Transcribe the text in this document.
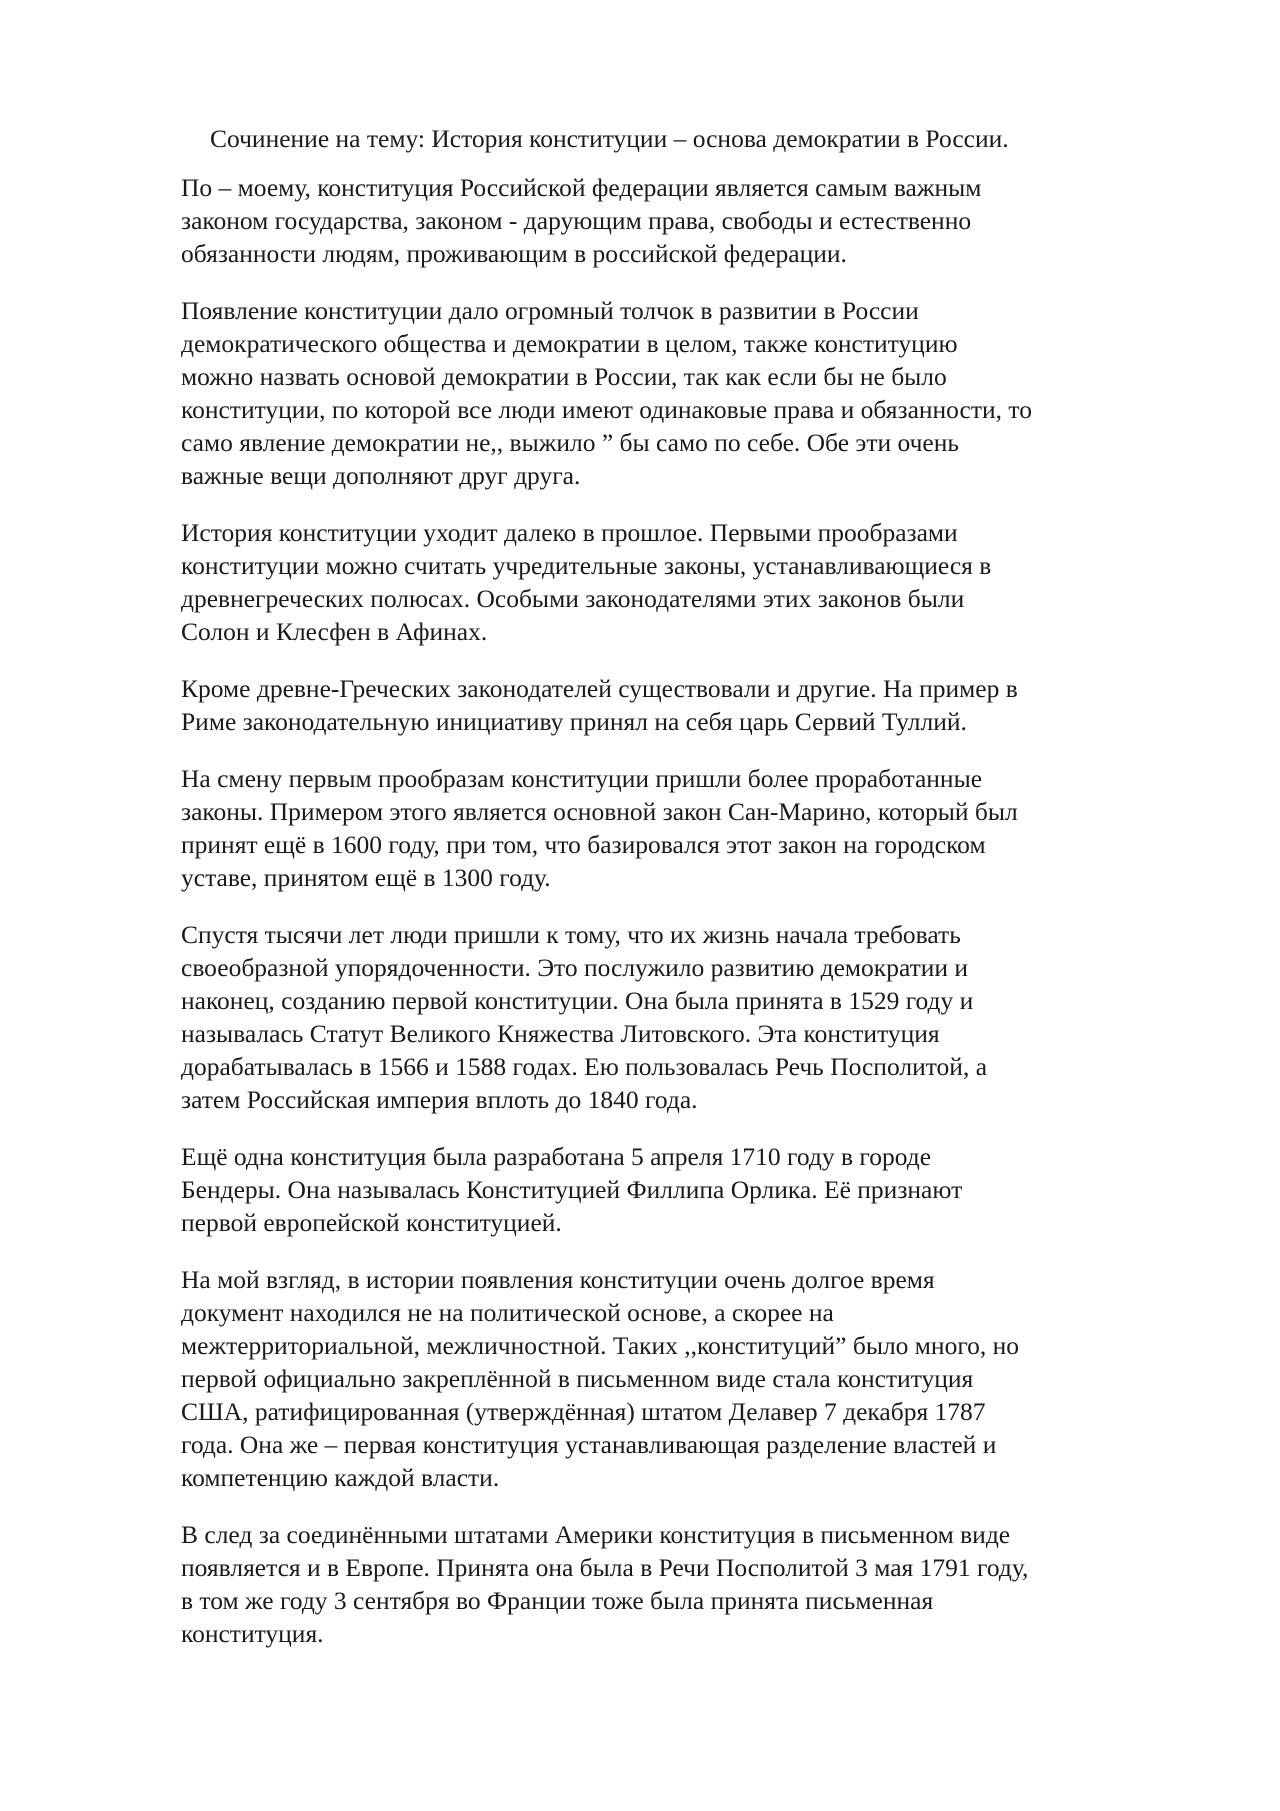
Сочинение на тему: История конституции – основа демократии в России.

По – моему, конституция Российской федерации является самым важным
законом государства, законом - дарующим права, свободы и естественно
обязанности людям, проживающим в российской федерации.

Появление конституции дало огромный толчок в развитии в России
демократического общества и демократии в целом, также конституцию
можно назвать основой демократии в России, так как если бы не было
конституции, по которой все люди имеют одинаковые права и обязанности, то
само явление демократии не,, выжило ” бы само по себе. Обе эти очень
важные вещи дополняют друг друга.

История конституции уходит далеко в прошлое. Первыми прообразами
конституции можно считать учредительные законы, устанавливающиеся в
древнегреческих полюсах. Особыми законодателями этих законов были
Солон и Клесфен в Афинах.

Кроме древне-Греческих законодателей существовали и другие. На пример в
Риме законодательную инициативу принял на себя царь Сервий Туллий.

На смену первым прообразам конституции пришли более проработанные
законы. Примером этого является основной закон Сан-Марино, который был
принят ещё в 1600 году, при том, что базировался этот закон на городском
уставе, принятом ещё в 1300 году.

Спустя тысячи лет люди пришли к тому, что их жизнь начала требовать
своеобразной упорядоченности. Это послужило развитию демократии и
наконец, созданию первой конституции. Она была принята в 1529 году и
называлась Статут Великого Княжества Литовского. Эта конституция
дорабатывалась в 1566 и 1588 годах. Ею пользовалась Речь Посполитой, а
затем Российская империя вплоть до 1840 года.

Ещё одна конституция была разработана 5 апреля 1710 году в городе
Бендеры. Она называлась Конституцией Филлипа Орлика. Её признают
первой европейской конституцией.

На мой взгляд, в истории появления конституции очень долгое время
документ находился не на политической основе, а скорее на
межтерриториальной, межличностной. Таких ,,конституций” было много, но
первой официально закреплённой в письменном виде стала конституция
США, ратифицированная (утверждённая) штатом Делавер 7 декабря 1787
года. Она же – первая конституция устанавливающая разделение властей и
компетенцию каждой власти.

В след за соединёнными штатами Америки конституция в письменном виде
появляется и в Европе. Принята она была в Речи Посполитой 3 мая 1791 году,
в том же году 3 сентября во Франции тоже была принята письменная
конституция.
